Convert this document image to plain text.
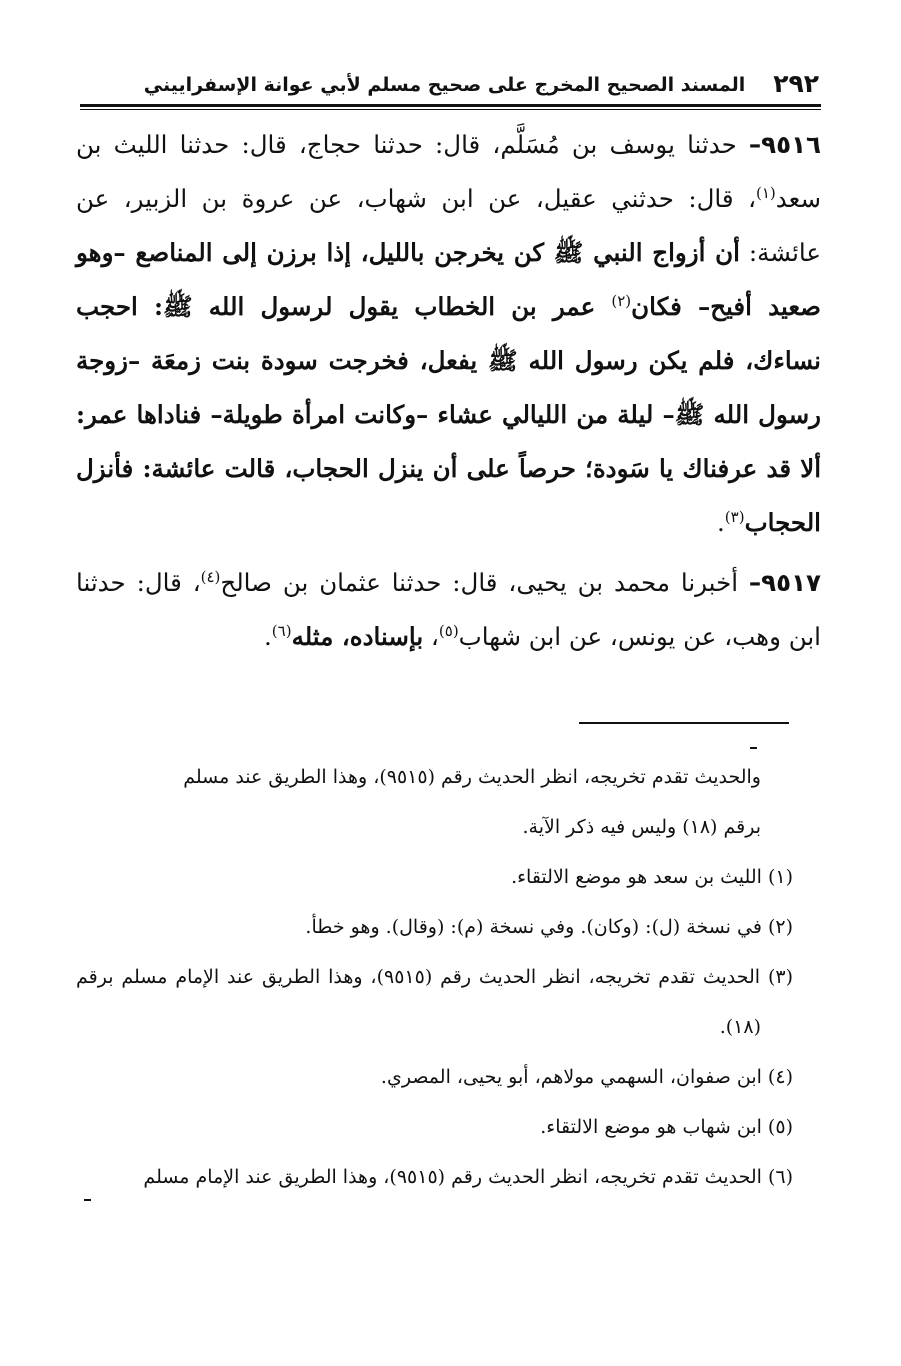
٢٩٢
المسند الصحيح المخرج على صحيح مسلم لأبي عوانة الإسفراييني

٩٥١٦– حدثنا يوسف بن مُسَلَّم، قال: حدثنا حجاج، قال: حدثنا الليث بن سعد$^{(١)}$، قال: حدثني عقيل، عن ابن شهاب، عن عروة بن الزبير، عن عائشة: أن أزواج النبي ﷺ كن يخرجن بالليل، إذا برزن إلى المناصع –وهو صعيد أفيح– فكان$^{(٢)}$ عمر بن الخطاب يقول لرسول الله ﷺ: احجب نساءك، فلم يكن رسول الله ﷺ يفعل، فخرجت سودة بنت زمعَة –زوجة رسول الله ﷺ– ليلة من الليالي عشاء –وكانت امرأة طويلة– فناداها عمر: ألا قد عرفناك يا سَودة؛ حرصاً على أن ينزل الحجاب، قالت عائشة: فأنزل الحجاب$^{(٣)}$.

٩٥١٧– أخبرنا محمد بن يحيى، قال: حدثنا عثمان بن صالح$^{(٤)}$، قال: حدثنا ابن وهب، عن يونس، عن ابن شهاب$^{(٥)}$، بإسناده، مثله$^{(٦)}$.

والحديث تقدم تخريجه، انظر الحديث رقم (٩٥١٥)، وهذا الطريق عند مسلم

برقم (١٨) وليس فيه ذكر الآية.

(١) الليث بن سعد هو موضع الالتقاء.

(٢) في نسخة (ل): (وكان). وفي نسخة (م): (وقال). وهو خطأ.

(٣) الحديث تقدم تخريجه، انظر الحديث رقم (٩٥١٥)، وهذا الطريق عند الإمام مسلم برقم (١٨).

(٤) ابن صفوان، السهمي مولاهم، أبو يحيى، المصري.

(٥) ابن شهاب هو موضع الالتقاء.

(٦) الحديث تقدم تخريجه، انظر الحديث رقم (٩٥١٥)، وهذا الطريق عند الإمام مسلم
